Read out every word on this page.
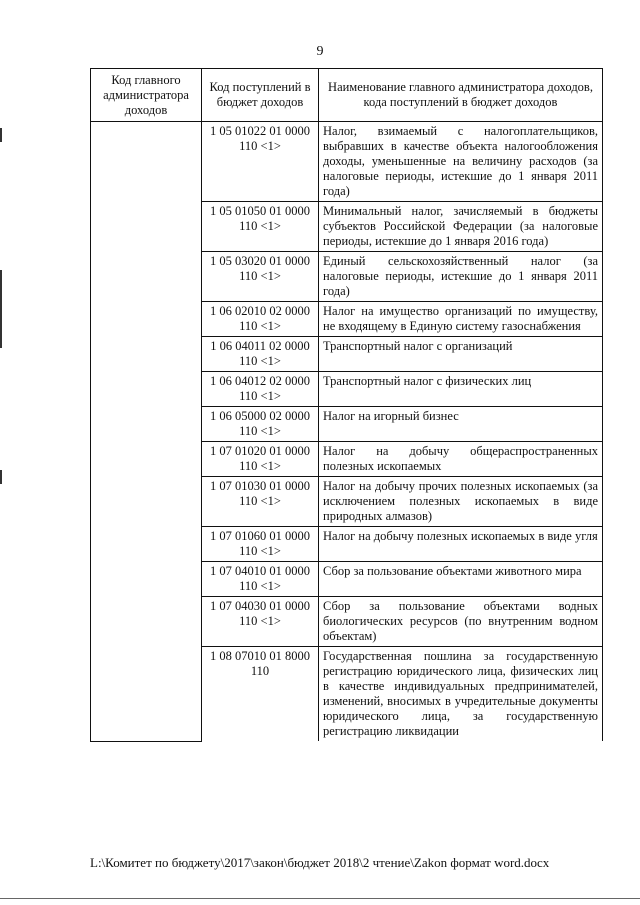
9
Код главного администратора доходов	Код поступлений в бюджет доходов	Наименование главного администратора доходов, кода поступлений в бюджет доходов
	1 05 01022 01 0000 110 <1>	Налог, взимаемый с налогоплательщиков, выбравших в качестве объекта налогообложения доходы, уменьшенные на величину расходов (за налоговые периоды, истекшие до 1 января 2011 года)
	1 05 01050 01 0000 110 <1>	Минимальный налог, зачисляемый в бюджеты субъектов Российской Федерации (за налоговые периоды, истекшие до 1 января 2016 года)
	1 05 03020 01 0000 110 <1>	Единый сельскохозяйственный налог (за налоговые периоды, истекшие до 1 января 2011 года)
	1 06 02010 02 0000 110 <1>	Налог на имущество организаций по имуществу, не входящему в Единую систему газоснабжения
	1 06 04011 02 0000 110 <1>	Транспортный налог с организаций
	1 06 04012 02 0000 110 <1>	Транспортный налог с физических лиц
	1 06 05000 02 0000 110 <1>	Налог на игорный бизнес
	1 07 01020 01 0000 110 <1>	Налог на добычу общераспространенных полезных ископаемых
	1 07 01030 01 0000 110 <1>	Налог на добычу прочих полезных ископаемых (за исключением полезных ископаемых в виде природных алмазов)
	1 07 01060 01 0000 110 <1>	Налог на добычу полезных ископаемых в виде угля
	1 07 04010 01 0000 110 <1>	Сбор за пользование объектами животного мира
	1 07 04030 01 0000 110 <1>	Сбор за пользование объектами водных биологических ресурсов (по внутренним водном объектам)
	1 08 07010 01 8000 110	Государственная пошлина за государственную регистрацию юридического лица, физических лиц в качестве индивидуальных предпринимателей, изменений, вносимых в учредительные документы юридического лица, за государственную регистрацию ликвидации
L:\Комитет по бюджету\2017\закон\бюджет 2018\2 чтение\Zakon формат word.docx
